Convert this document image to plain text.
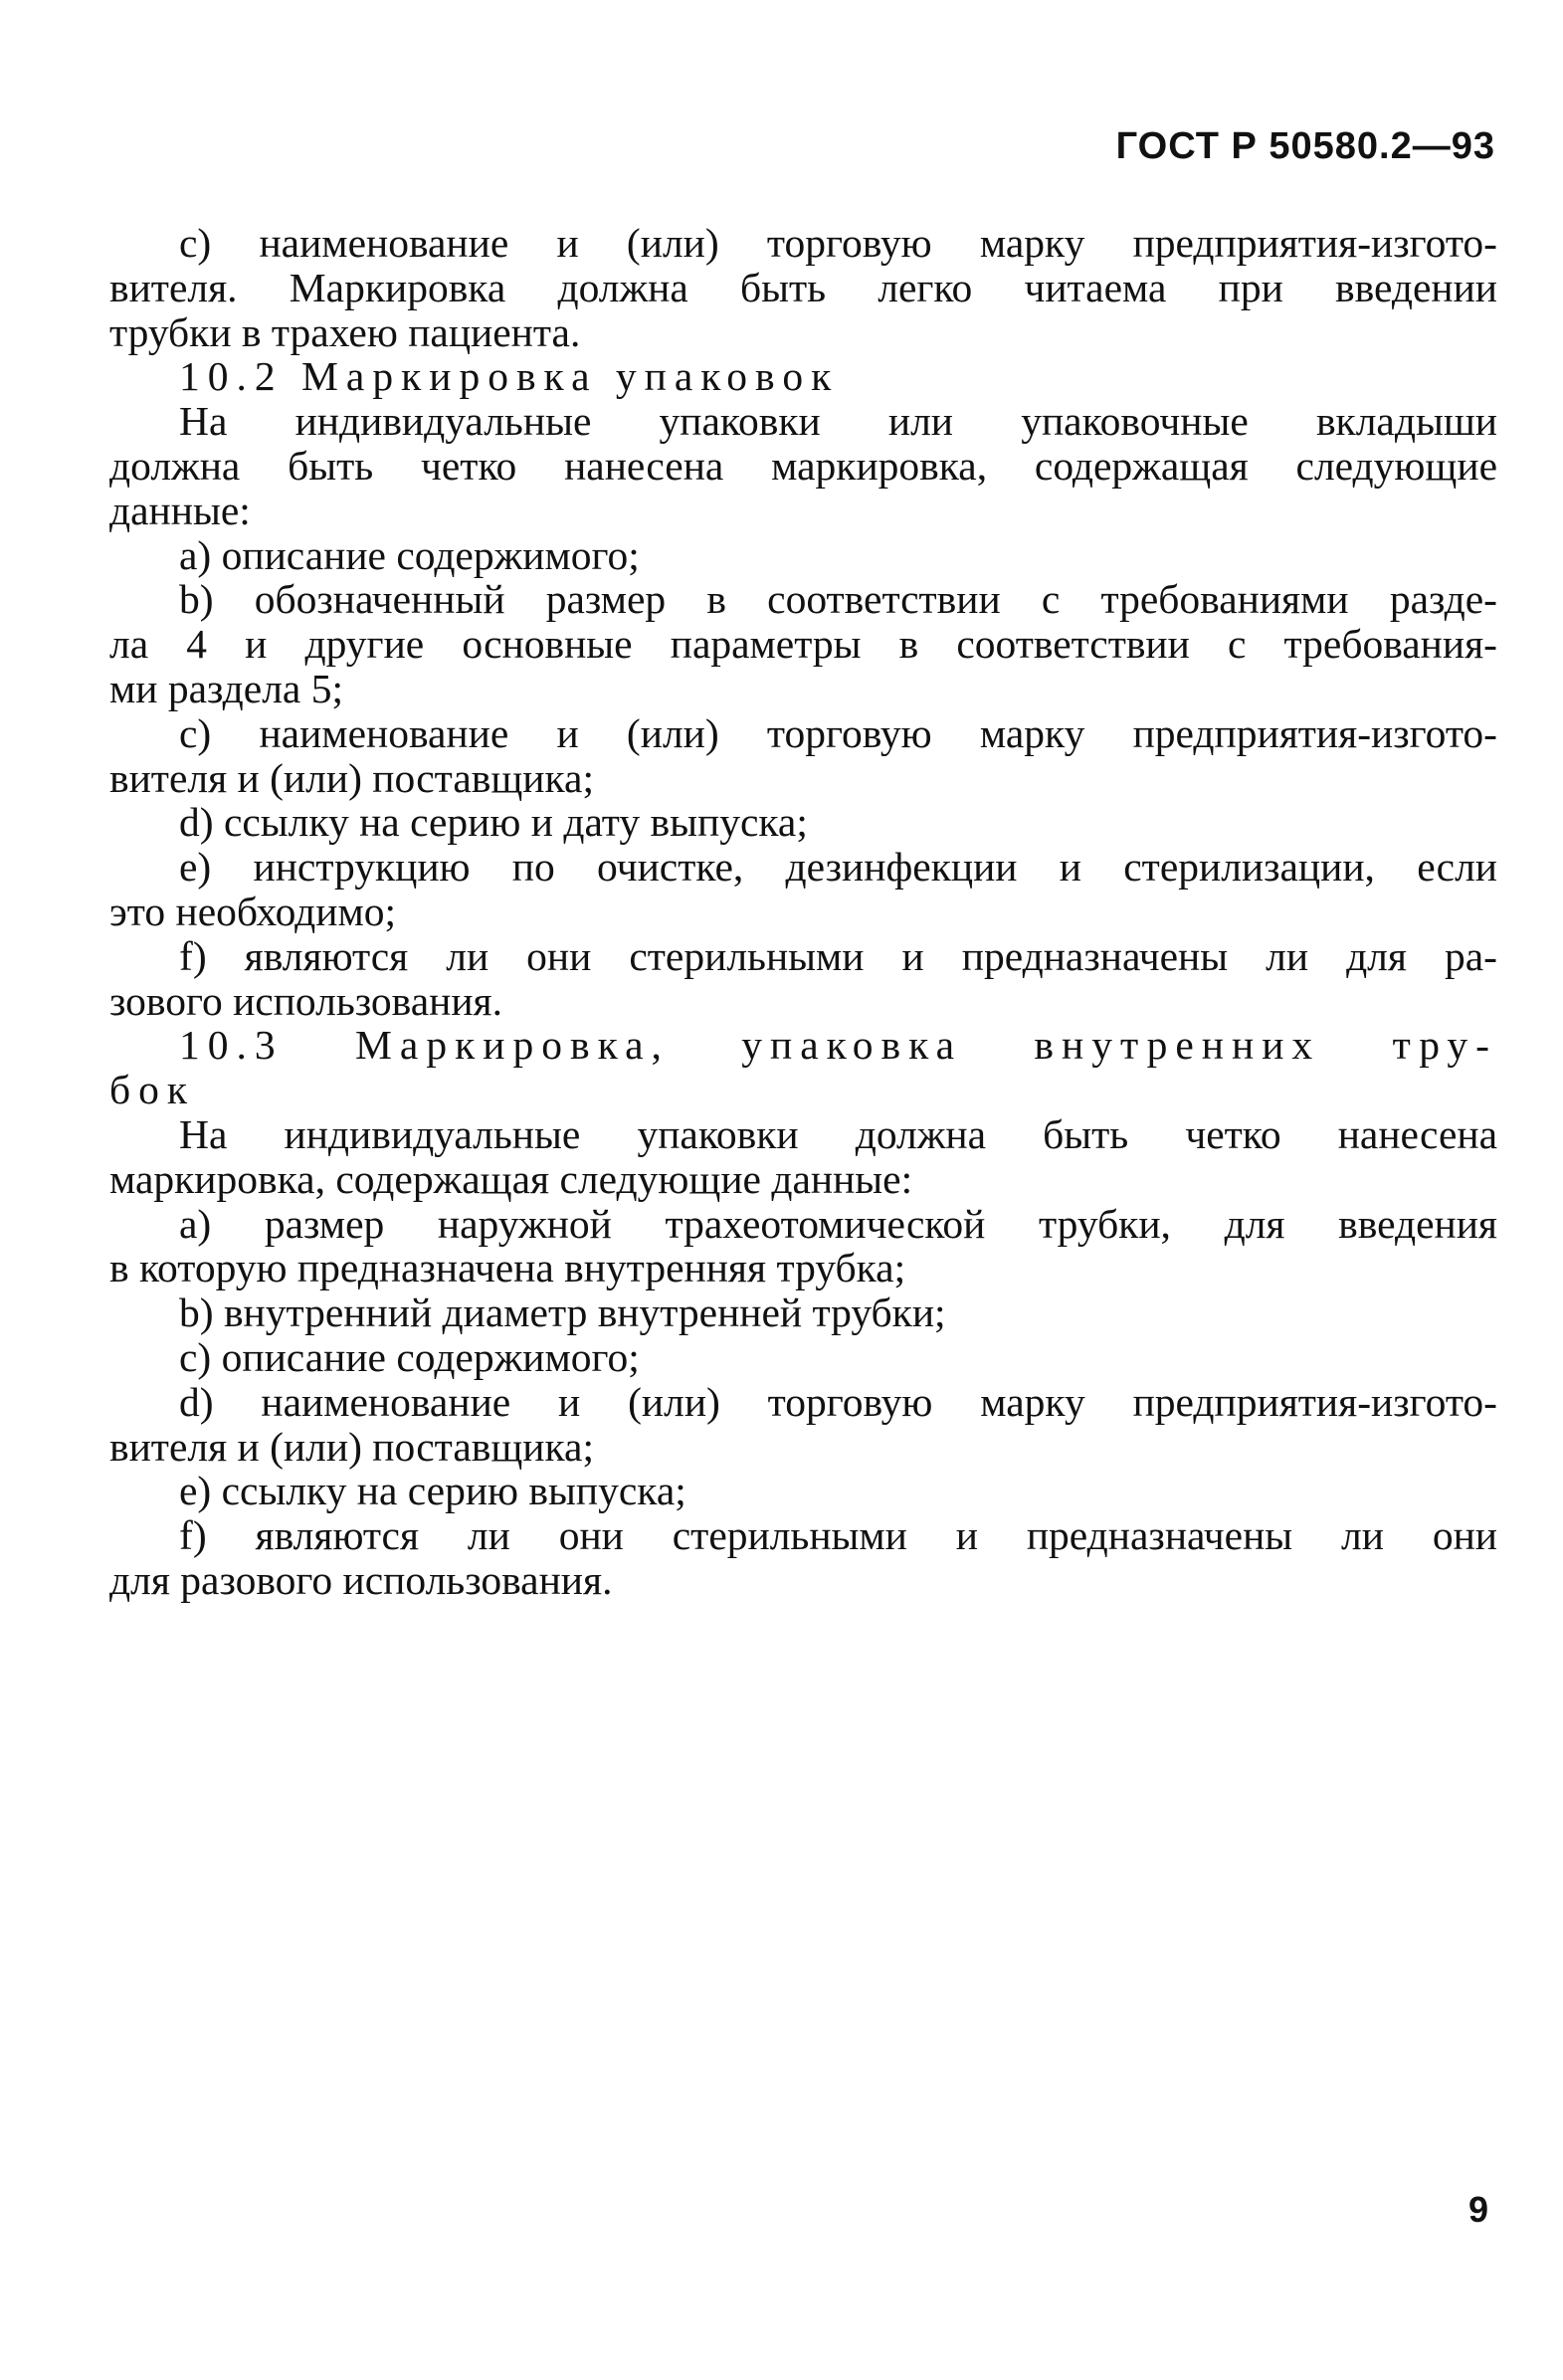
ГОСТ Р 50580.2—93
с) наименование и (или) торговую марку предприятия-изгото-
вителя. Маркировка должна быть легко читаема при введении
трубки в трахею пациента.
10.2 Маркировка упаковок
На индивидуальные упаковки или упаковочные вкладыши
должна быть четко нанесена маркировка, содержащая следующие
данные:
а) описание содержимого;
b) обозначенный размер в соответствии с требованиями разде-
ла 4 и другие основные параметры в соответствии с требования-
ми раздела 5;
с) наименование и (или) торговую марку предприятия-изгото-
вителя и (или) поставщика;
d) ссылку на серию и дату выпуска;
е) инструкцию по очистке, дезинфекции и стерилизации, если
это необходимо;
f) являются ли они стерильными и предназначены ли для ра-
зового использования.
10.3 Маркировка, упаковка внутренних тру-
бок
На индивидуальные упаковки должна быть четко нанесена
маркировка, содержащая следующие данные:
а) размер наружной трахеотомической трубки, для введения
в которую предназначена внутренняя трубка;
b) внутренний диаметр внутренней трубки;
с) описание содержимого;
d) наименование и (или) торговую марку предприятия-изгото-
вителя и (или) поставщика;
е) ссылку на серию выпуска;
f) являются ли они стерильными и предназначены ли они
для разового использования.
9
